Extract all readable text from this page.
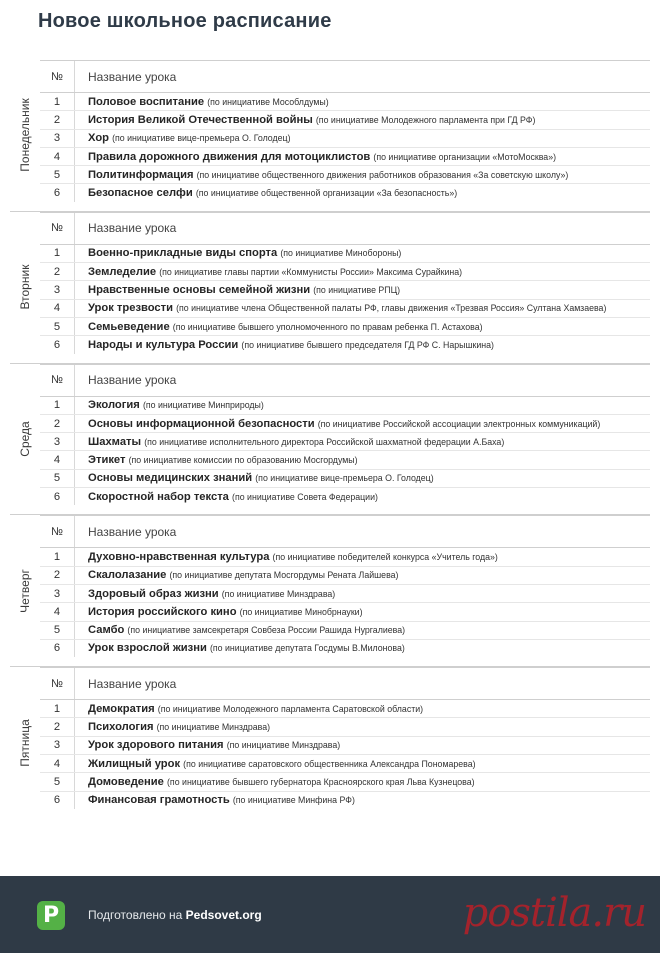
Новое школьное расписание
Понедельник
№	Название урока
1	Половое воспитание (по инициативе Мособлдумы)
2	История Великой Отечественной войны (по инициативе Молодежного парламента при ГД РФ)
3	Хор (по инициативе вице-премьера О. Голодец)
4	Правила дорожного движения для мотоциклистов (по инициативе организации «МотоМосква»)
5	Политинформация (по инициативе общественного движения работников образования «За советскую школу»)
6	Безопасное селфи (по инициативе общественной организации «За безопасность»)
Вторник
№	Название урока
1	Военно-прикладные виды спорта (по инициативе Минобороны)
2	Земледелие (по инициативе главы партии «Коммунисты России» Максима Сурайкина)
3	Нравственные основы семейной жизни (по инициативе РПЦ)
4	Урок трезвости (по инициативе члена Общественной палаты РФ, главы движения «Трезвая Россия» Султана Хамзаева)
5	Семьеведение (по инициативе бывшего уполномоченного по правам ребенка П. Астахова)
6	Народы и культура России (по инициативе бывшего председателя ГД РФ С. Нарышкина)
Среда
№	Название урока
1	Экология (по инициативе Минприроды)
2	Основы информационной безопасности (по инициативе Российской ассоциации электронных коммуникаций)
3	Шахматы (по инициативе исполнительного директора Российской шахматной федерации А.Баха)
4	Этикет (по инициативе комиссии по образованию Мосгордумы)
5	Основы медицинских знаний (по инициативе вице-премьера О. Голодец)
6	Скоростной набор текста (по инициативе Совета Федерации)
Четверг
№	Название урока
1	Духовно-нравственная культура (по инициативе победителей конкурса «Учитель года»)
2	Скалолазание (по инициативе депутата Мосгордумы Рената Лайшева)
3	Здоровый образ жизни (по инициативе Минздрава)
4	История российского кино (по инициативе Минобрнауки)
5	Самбо (по инициативе замсекретаря Совбеза России Рашида Нургалиева)
6	Урок взрослой жизни (по инициативе депутата Госдумы В.Милонова)
Пятница
№	Название урока
1	Демократия (по инициативе Молодежного парламента Саратовской области)
2	Психология (по инициативе Минздрава)
3	Урок здорового питания (по инициативе Минздрава)
4	Жилищный урок (по инициативе саратовского общественника Александра Пономарева)
5	Домоведение (по инициативе бывшего губернатора Красноярского края Льва Кузнецова)
6	Финансовая грамотность (по инициативе Минфина РФ)
P	Подготовлено на Pedsovet.org	postila.ru
